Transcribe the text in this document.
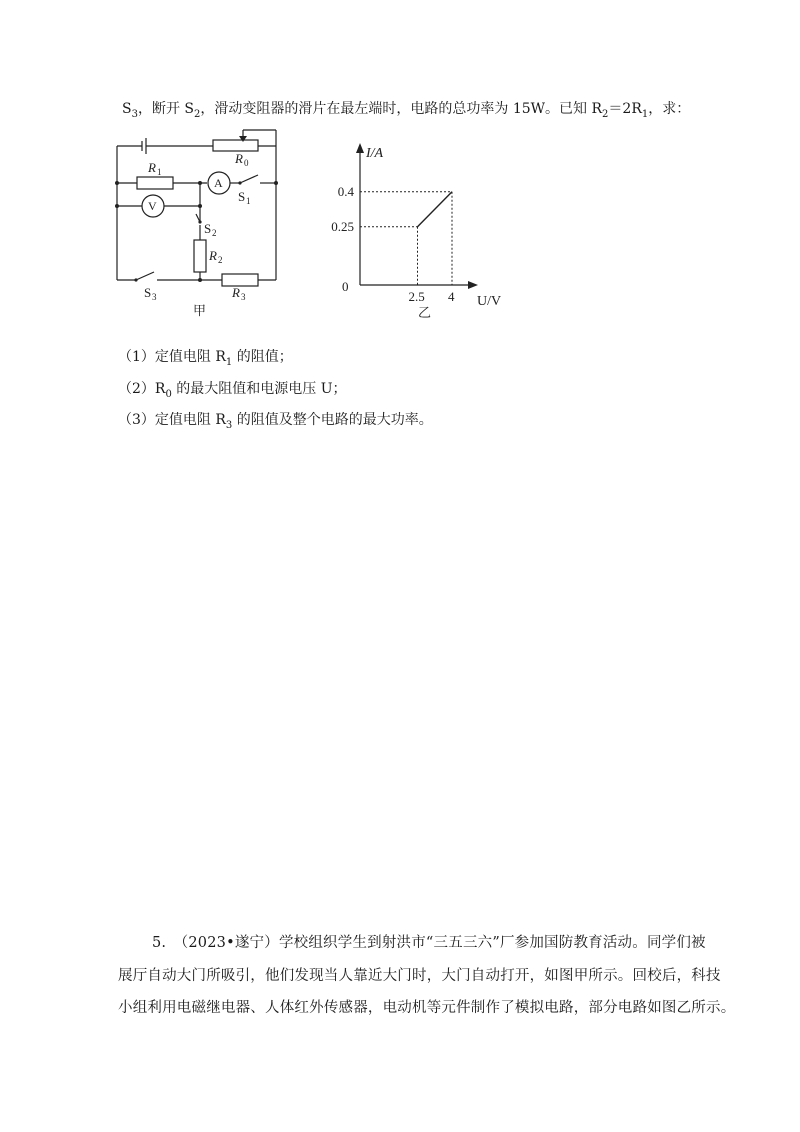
$S_3$，断开 $S_2$，滑动变阻器的滑片在最左端时，电路的总功率为 15W。已知 $R_2=2R_1$，求：
R 1
R 0
A
V
S 1
S 2
R 2
S 3	R 3
甲
2.5 4
0.4
0.25
I/A
U/V
0
乙
（1）定值电阻 $R_1$ 的阻值；
$(2)R_0$ 的最大阻值和电源电压 U；
（3）定值电阻 $R_3$ 的阻值及整个电路的最大功率。
5.　（2023•遂宁）学校组织学生到射洪市“三五三六”厂参加国防教育活动。同学们被
展厅自动大门所吸引，他们发现当人靠近大门时，大门自动打开，如图甲所示。回校后，科技
小组利用电磁继电器、人体红外传感器，电动机等元件制作了模拟电路，部分电路如图乙所示。
